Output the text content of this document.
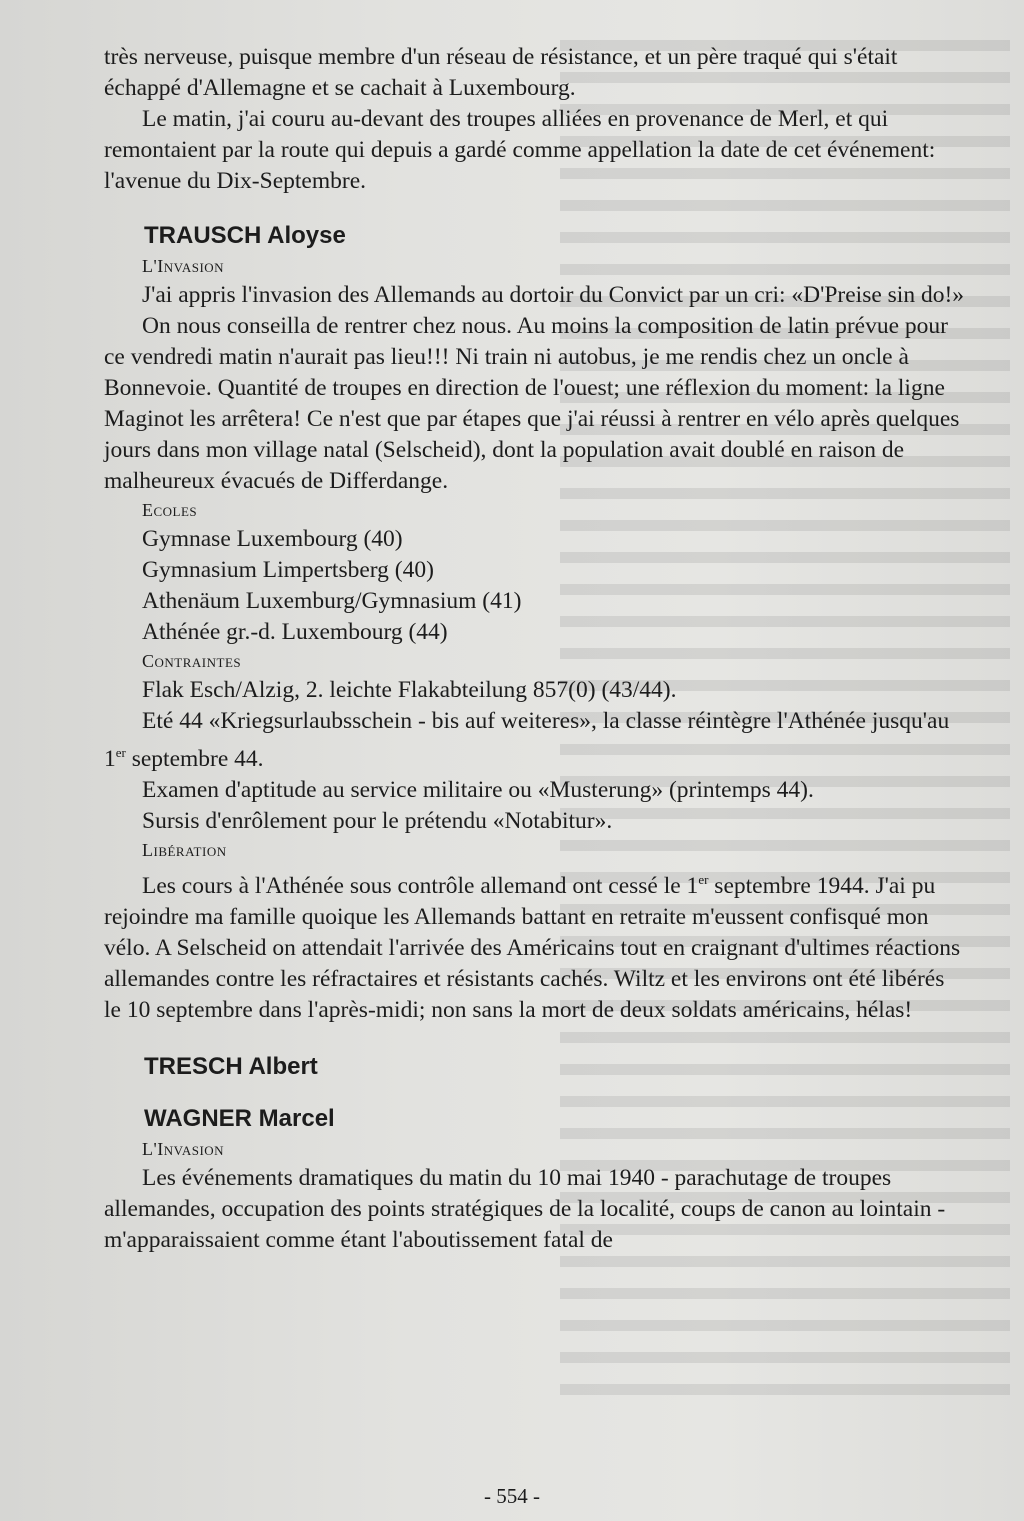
très nerveuse, puisque membre d'un réseau de résistance, et un père traqué qui s'était échappé d'Allemagne et se cachait à Luxembourg.

Le matin, j'ai couru au-devant des troupes alliées en provenance de Merl, et qui remontaient par la route qui depuis a gardé comme appellation la date de cet événement: l'avenue du Dix-Septembre.

TRAUSCH Aloyse
L'Invasion

J'ai appris l'invasion des Allemands au dortoir du Convict par un cri: «D'Preise sin do!»

On nous conseilla de rentrer chez nous. Au moins la composition de latin prévue pour ce vendredi matin n'aurait pas lieu!!! Ni train ni autobus, je me rendis chez un oncle à Bonnevoie. Quantité de troupes en direction de l'ouest; une réflexion du moment: la ligne Maginot les arrêtera! Ce n'est que par étapes que j'ai réussi à rentrer en vélo après quelques jours dans mon village natal (Selscheid), dont la population avait doublé en raison de malheureux évacués de Differdange.

Ecoles

Gymnase Luxembourg (40)

Gymnasium Limpertsberg (40)

Athenäum Luxemburg/Gymnasium (41)

Athénée gr.-d. Luxembourg (44)

Contraintes

Flak Esch/Alzig, 2. leichte Flakabteilung 857(0) (43/44).

Eté 44 «Kriegsurlaubsschein - bis auf weiteres», la classe réintègre l'Athénée jusqu'au 1er septembre 44.

Examen d'aptitude au service militaire ou «Musterung» (printemps 44).

Sursis d'enrôlement pour le prétendu «Notabitur».

Libération

Les cours à l'Athénée sous contrôle allemand ont cessé le 1er septembre 1944. J'ai pu rejoindre ma famille quoique les Allemands battant en retraite m'eussent confisqué mon vélo. A Selscheid on attendait l'arrivée des Américains tout en craignant d'ultimes réactions allemandes contre les réfractaires et résistants cachés. Wiltz et les environs ont été libérés le 10 septembre dans l'après-midi; non sans la mort de deux soldats américains, hélas!

TRESCH Albert
WAGNER Marcel
L'Invasion

Les événements dramatiques du matin du 10 mai 1940 - parachutage de troupes allemandes, occupation des points stratégiques de la localité, coups de canon au lointain - m'apparaissaient comme étant l'aboutissement fatal de

- 554 -
